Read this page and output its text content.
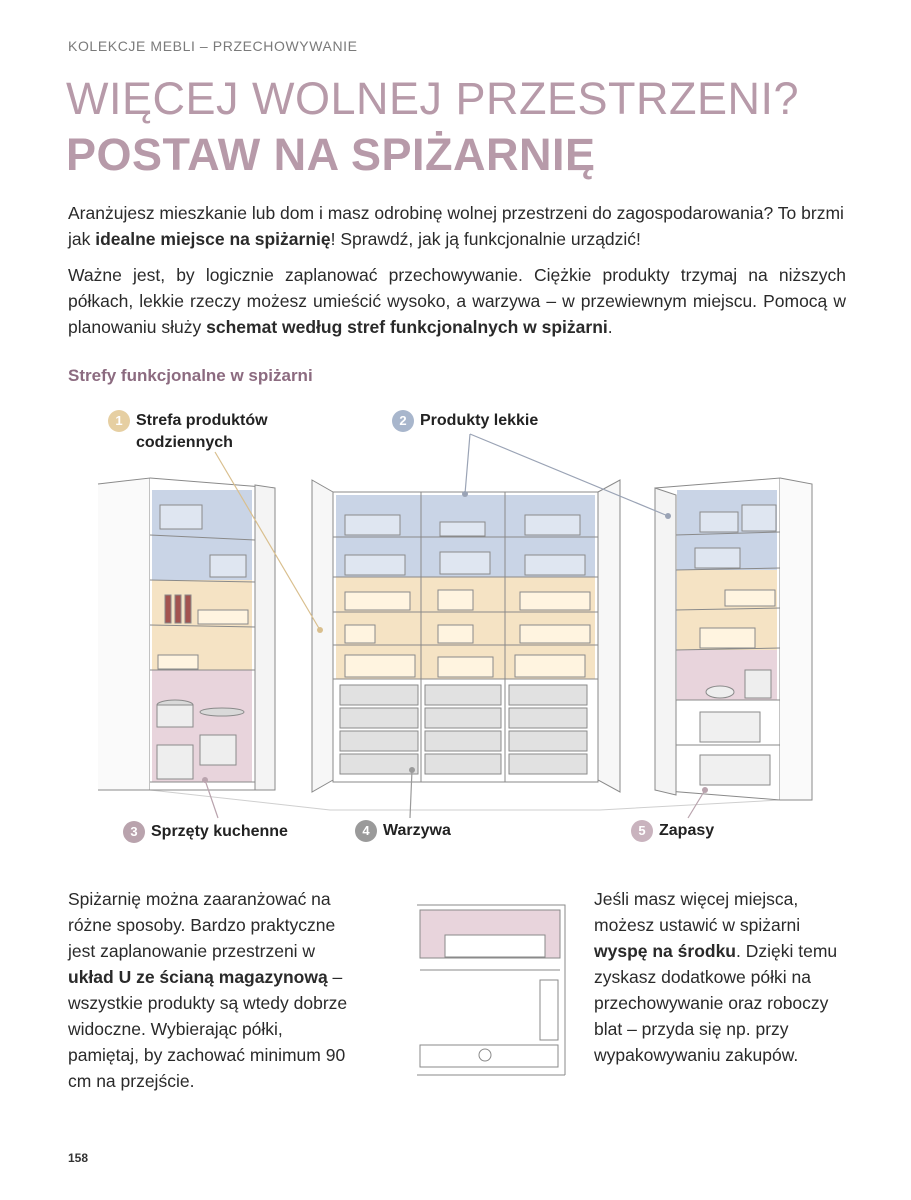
KOLEKCJE MEBLI – PRZECHOWYWANIE
WIĘCEJ WOLNEJ PRZESTRZENI?
POSTAW NA SPIŻARNIĘ
Aranżujesz mieszkanie lub dom i masz odrobinę wolnej przestrzeni do zagospodarowania? To brzmi jak idealne miejsce na spiżarnię! Sprawdź, jak ją funkcjonalnie urządzić!
Ważne jest, by logicznie zaplanować przechowywanie. Ciężkie produkty trzymaj na niższych półkach, lekkie rzeczy możesz umieścić wysoko, a warzywa – w przewiewnym miejscu. Pomocą w planowaniu służy schemat według stref funkcjonalnych w spiżarni.
Strefy funkcjonalne w spiżarni
1 Strefa produktów codziennych
2 Produkty lekkie
3 Sprzęty kuchenne	4 Warzywa	5 Zapasy
Spiżarnię można zaaranżować na różne sposoby. Bardzo praktyczne jest zaplanowanie przestrzeni w układ U ze ścianą magazynową – wszystkie produkty są wtedy dobrze widoczne. Wybierając półki, pamiętaj, by zachować minimum 90 cm na przejście.
Jeśli masz więcej miejsca, możesz ustawić w spiżarni wyspę na środku. Dzięki temu zyskasz dodatkowe półki na przechowywanie oraz roboczy blat – przyda się np. przy wypakowywaniu zakupów.
158
